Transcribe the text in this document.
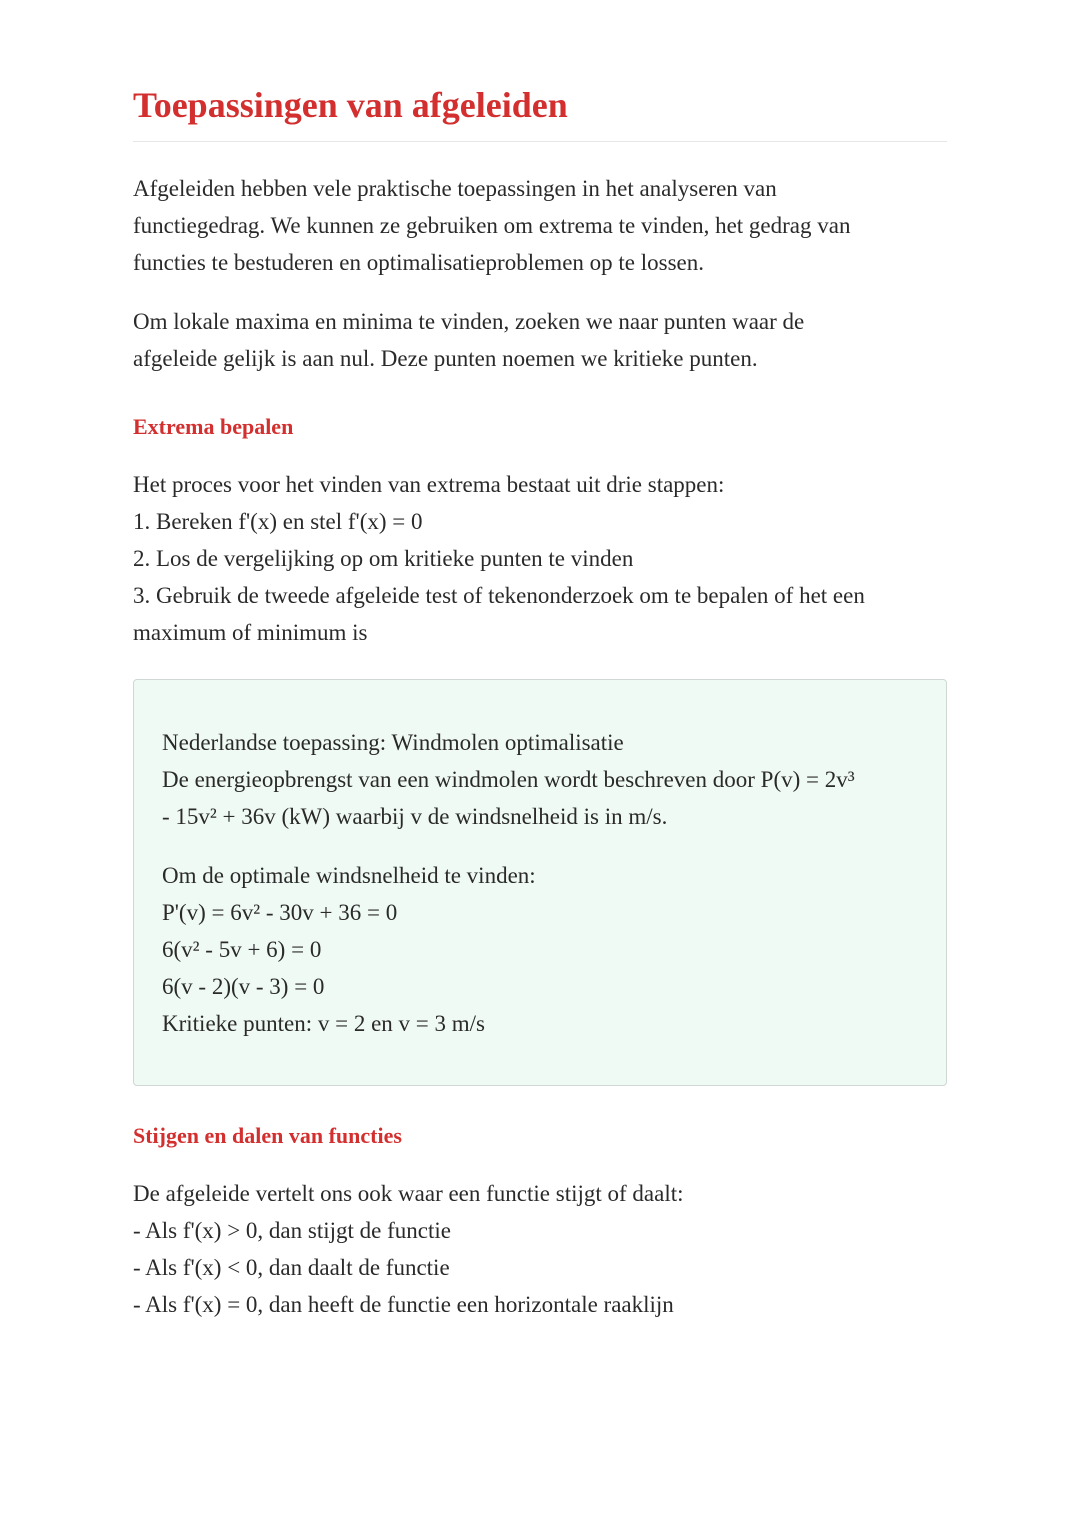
Toepassingen van afgeleiden

Afgeleiden hebben vele praktische toepassingen in het analyseren van
functiegedrag. We kunnen ze gebruiken om extrema te vinden, het gedrag van
functies te bestuderen en optimalisatieproblemen op te lossen.

Om lokale maxima en minima te vinden, zoeken we naar punten waar de
afgeleide gelijk is aan nul. Deze punten noemen we kritieke punten.

Extrema bepalen

Het proces voor het vinden van extrema bestaat uit drie stappen:
1. Bereken f'(x) en stel f'(x) = 0
2. Los de vergelijking op om kritieke punten te vinden
3. Gebruik de tweede afgeleide test of tekenonderzoek om te bepalen of het een
maximum of minimum is

Nederlandse toepassing: Windmolen optimalisatie
De energieopbrengst van een windmolen wordt beschreven door P(v) = 2v³
- 15v² + 36v (kW) waarbij v de windsnelheid is in m/s.

Om de optimale windsnelheid te vinden:
P'(v) = 6v² - 30v + 36 = 0
6(v² - 5v + 6) = 0
6(v - 2)(v - 3) = 0
Kritieke punten: v = 2 en v = 3 m/s

Stijgen en dalen van functies

De afgeleide vertelt ons ook waar een functie stijgt of daalt:
- Als f'(x) > 0, dan stijgt de functie
- Als f'(x) < 0, dan daalt de functie
- Als f'(x) = 0, dan heeft de functie een horizontale raaklijn
